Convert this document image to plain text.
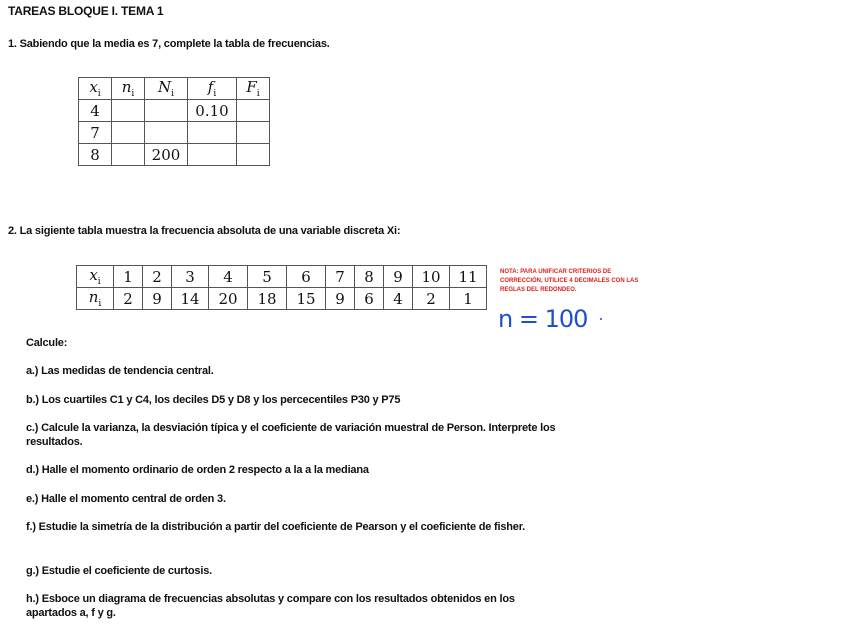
TAREAS BLOQUE I. TEMA 1
1. Sabiendo que la media es 7, complete la tabla de frecuencias.
$x_i$	$n_i$	$N_i$	$f_i$	$F_i$
4			0.10	
7				
8		200		
2. La sigiente tabla muestra la frecuencia absoluta de una variable discreta Xi:
$x_i$	1	2	3	4	5	6	7	8	9	10	11
$n_i$	2	9	14	20	18	15	9	6	4	2	1
NOTA: PARA UNIFICAR CRITERIOS DE CORRECCIÓN, UTILICE 4 DECIMALES CON LAS REGLAS DEL REDONDEO.
n = 100
Calcule:
a.) Las medidas de tendencia central.
b.) Los cuartiles C1 y C4, los deciles D5 y D8 y los percecentiles P30 y P75
c.) Calcule la varianza, la desviación típica y el coeficiente de variación muestral de Person. Interprete los resultados.
d.) Halle el momento ordinario de orden 2 respecto a la a la mediana
e.) Halle el momento central de orden 3.
f.) Estudie la simetría de la distribución a partir del coeficiente de Pearson y el coeficiente de fisher.
g.) Estudie el coeficiente de curtosis.
h.) Esboce un diagrama de frecuencias absolutas y compare con los resultados obtenidos en los apartados a, f y g.
